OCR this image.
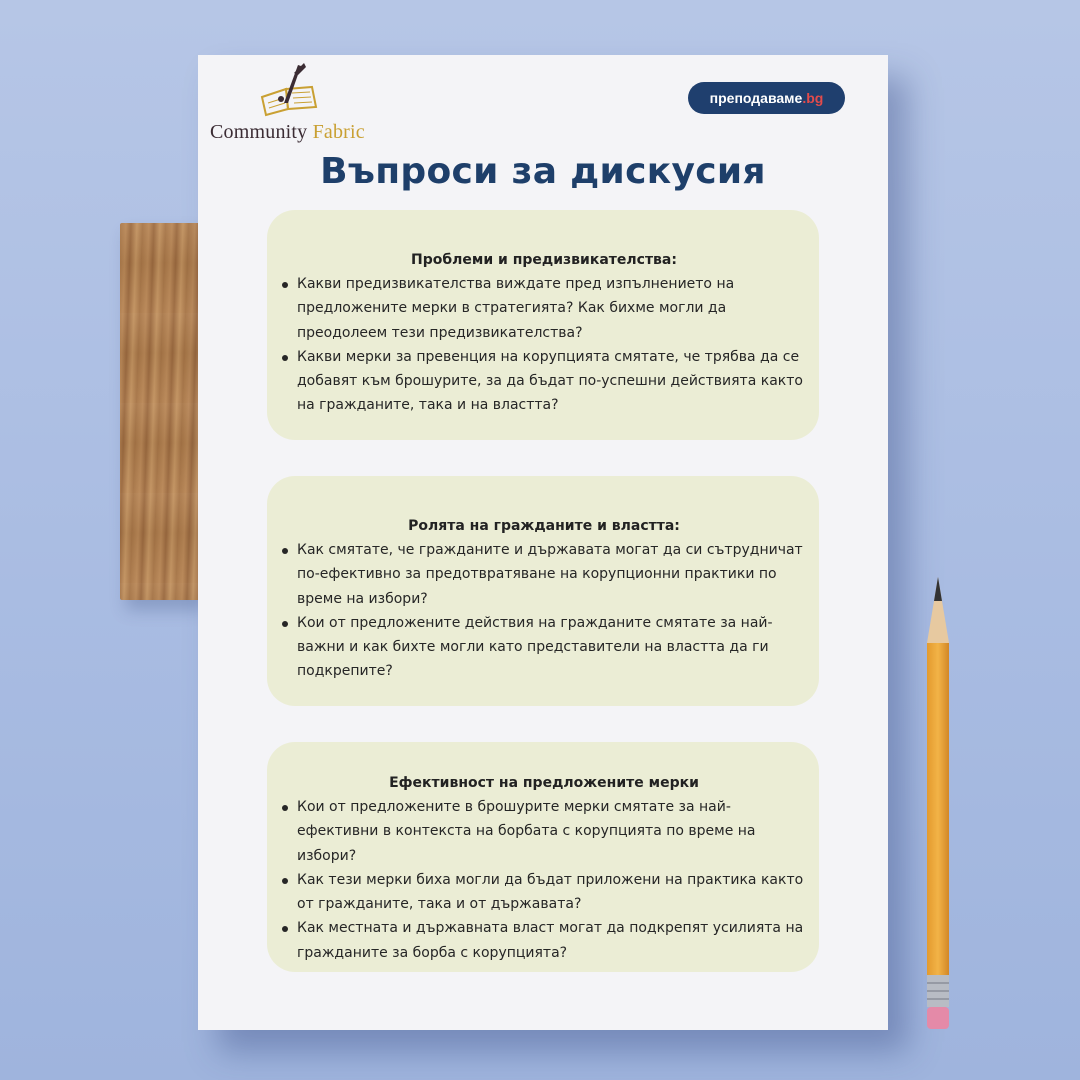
Community Fabric
преподаваме .bg
Въпроси за дискусия

Проблеми и предизвикателства:

Какви предизвикателства виждате пред изпълнението на предложените мерки в стратегията? Как бихме могли да преодолеем тези предизвикателства?
Какви мерки за превенция на корупцията смятате, че трябва да се добавят към брошурите, за да бъдат по-успешни действията както на гражданите, така и на властта?

Ролята на гражданите и властта:

Как смятате, че гражданите и държавата могат да си сътрудничат по-ефективно за предотвратяване на корупционни практики по време на избори?
Кои от предложените действия на гражданите смятате за най-важни и как бихте могли като представители на властта да ги подкрепите?

Ефективност на предложените мерки

Кои от предложените в брошурите мерки смятате за най-ефективни в контекста на борбата с корупцията по време на избори?
Как тези мерки биха могли да бъдат приложени на практика както от гражданите, така и от държавата?
Как местната и държавната власт могат да подкрепят усилията на гражданите за борба с корупцията?
